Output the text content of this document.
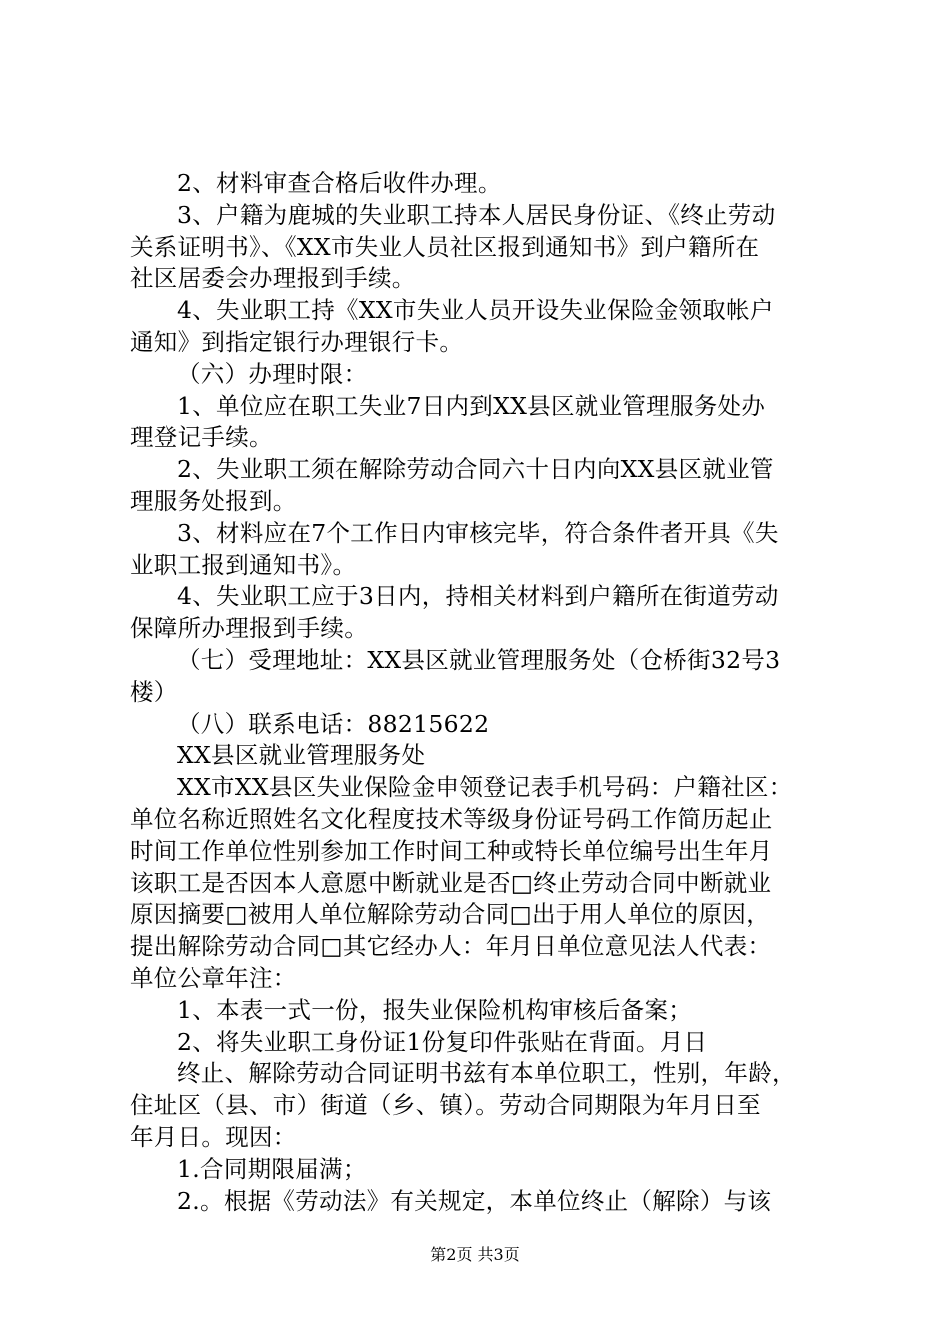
2、材料审查合格后收件办理。
3、户籍为鹿城的失业职工持本人居民身份证、《终止劳动
关系证明书》、《XX市失业人员社区报到通知书》到户籍所在
社区居委会办理报到手续。
4、失业职工持《XX市失业人员开设失业保险金领取帐户
通知》到指定银行办理银行卡。
（六）办理时限：
1、单位应在职工失业7日内到XX县区就业管理服务处办
理登记手续。
2、失业职工须在解除劳动合同六十日内向XX县区就业管
理服务处报到。
3、材料应在7个工作日内审核完毕，符合条件者开具《失
业职工报到通知书》。
4、失业职工应于3日内，持相关材料到户籍所在街道劳动
保障所办理报到手续。
（七）受理地址：XX县区就业管理服务处（仓桥街32号3
楼）
（八）联系电话：88215622
XX县区就业管理服务处
XX市XX县区失业保险金申领登记表手机号码：户籍社区：
单位名称近照姓名文化程度技术等级身份证号码工作简历起止
时间工作单位性别参加工作时间工种或特长单位编号出生年月
该职工是否因本人意愿中断就业是否□终止劳动合同中断就业
原因摘要□被用人单位解除劳动合同□出于用人单位的原因，
提出解除劳动合同□其它经办人：年月日单位意见法人代表：
单位公章年注：
1、本表一式一份，报失业保险机构审核后备案；
2、将失业职工身份证1份复印件张贴在背面。月日
终止、解除劳动合同证明书兹有本单位职工，性别，年龄，
住址区（县、市）街道（乡、镇）。劳动合同期限为年月日至
年月日。现因：
1.合同期限届满；
2.。根据《劳动法》有关规定，本单位终止（解除）与该
第2页 共3页
